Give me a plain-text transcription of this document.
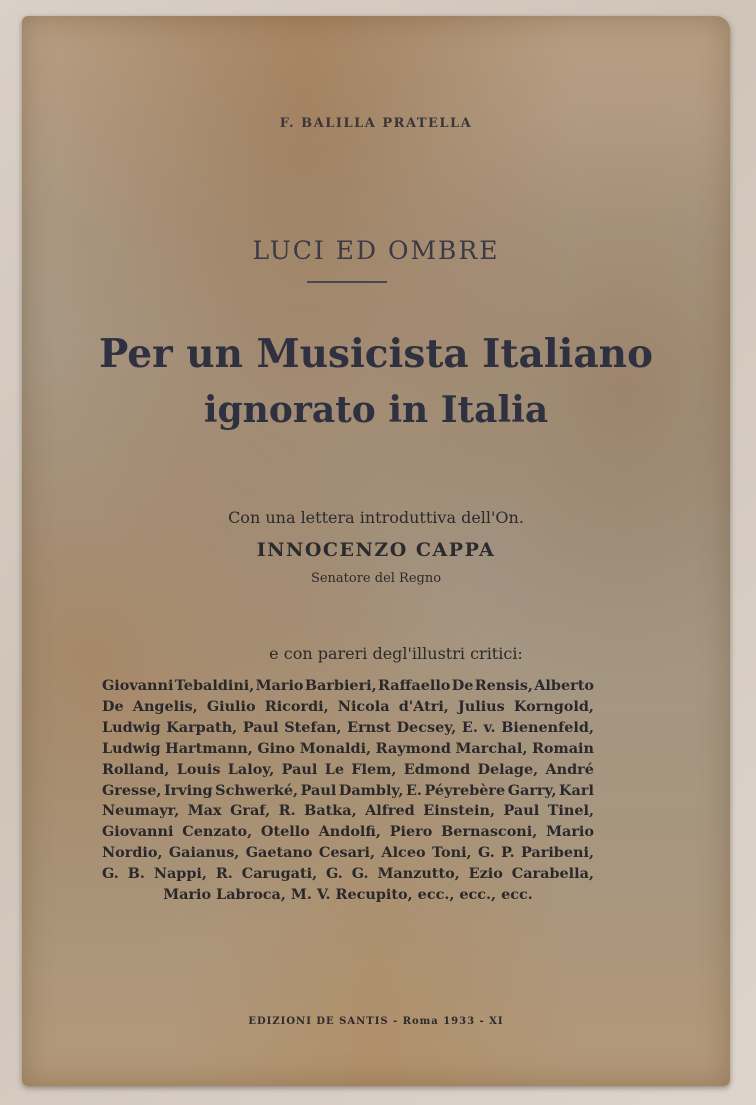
F. BALILLA PRATELLA
LUCI ED OMBRE
Per un Musicista Italiano
ignorato in Italia
Con una lettera introduttiva dell'On.
INNOCENZO CAPPA
Senatore del Regno
e con pareri degl'illustri critici:
Giovanni Tebaldini, Mario Barbieri, Raffaello De Rensis, Alberto
De Angelis, Giulio Ricordi, Nicola d'Atri, Julius Korngold,
Ludwig Karpath, Paul Stefan, Ernst Decsey, E. v. Bienenfeld,
Ludwig Hartmann, Gino Monaldi, Raymond Marchal, Romain
Rolland, Louis Laloy, Paul Le Flem, Edmond Delage, André
Gresse, Irving Schwerké, Paul Dambly, E. Péyrebère Garry, Karl
Neumayr, Max Graf, R. Batka, Alfred Einstein, Paul Tinel,
Giovanni Cenzato, Otello Andolfi, Piero Bernasconi, Mario
Nordio, Gaianus, Gaetano Cesari, Alceo Toni, G. P. Paribeni,
G. B. Nappi, R. Carugati, G. G. Manzutto, Ezio Carabella,
Mario Labroca, M. V. Recupito, ecc., ecc., ecc.
EDIZIONI DE SANTIS - Roma 1933 - XI
